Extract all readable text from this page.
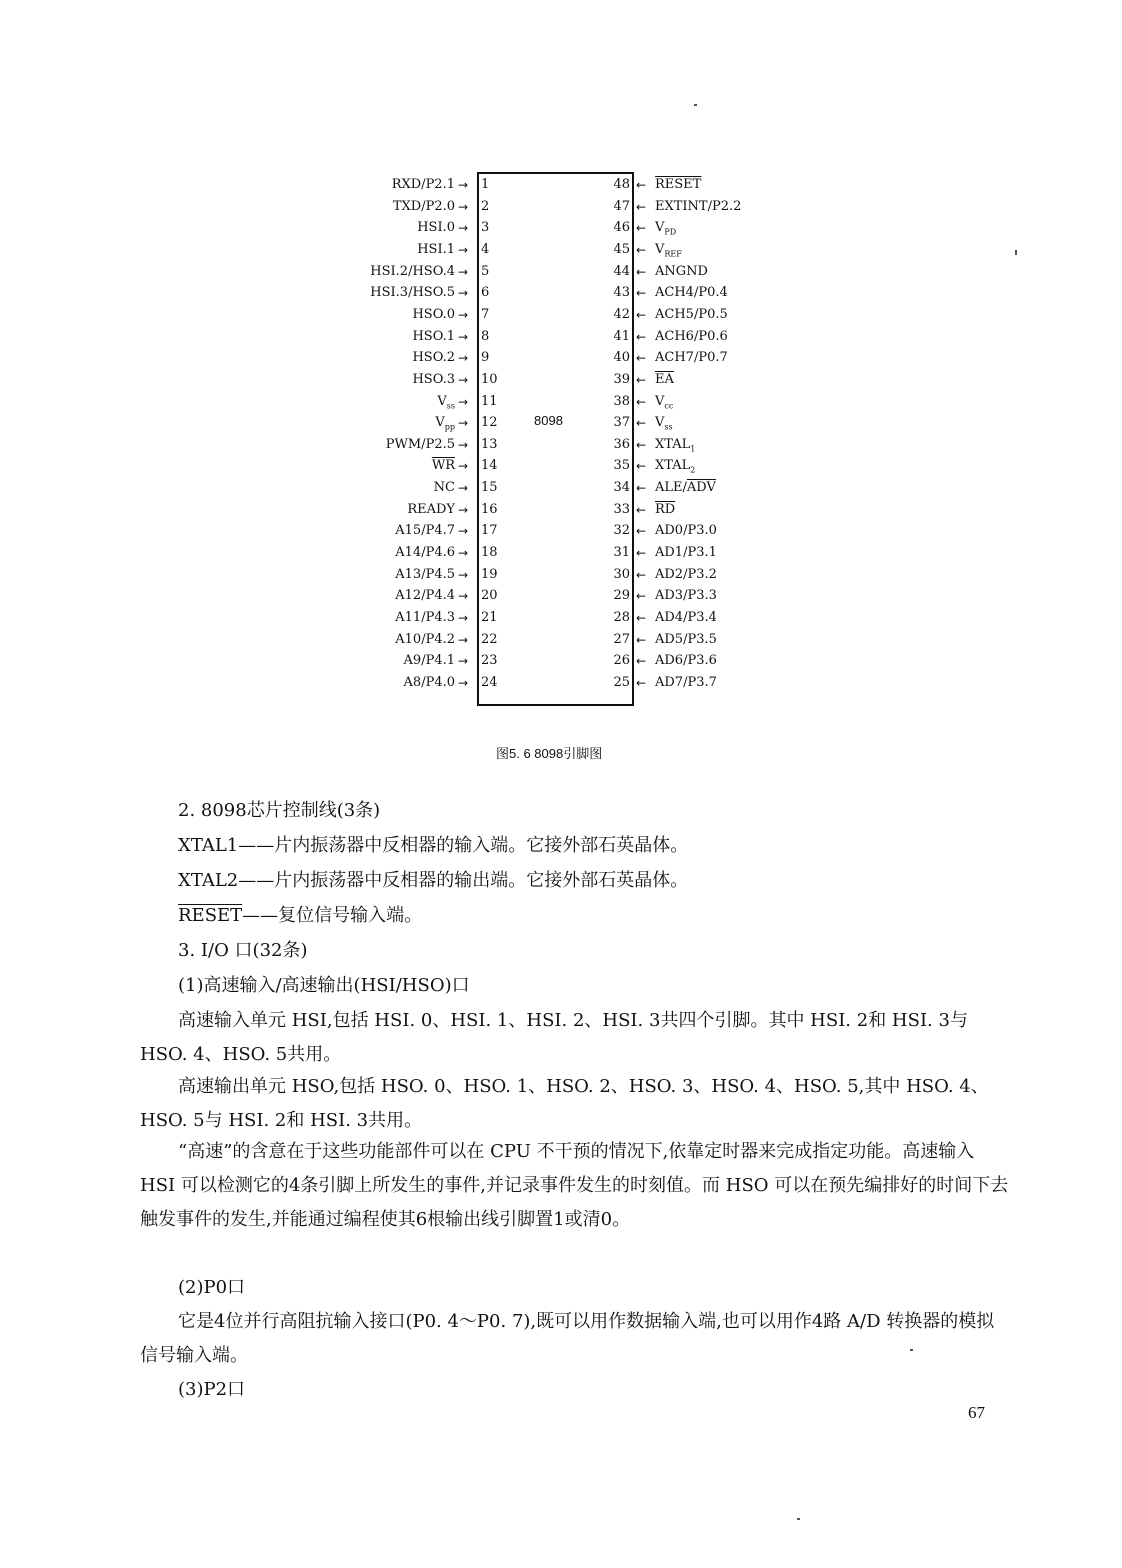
8098
RXD/P2.1 → 1
TXD/P2.0 → 2
HSI.0 → 3
HSI.1 → 4
HSI.2/HSO.4 → 5
HSI.3/HSO.5 → 6
HSO.0 → 7
HSO.1 → 8
HSO.2 → 9
HSO.3 → 10
$V_{ss} \to 11$
$V_{pp} \to 12$
PWM/P2.5 → 13
$\overline{WR} \to 14$
NC → 15
READY → 16
A15/P4.7 → 17
A14/P4.6 → 18
A13/P4.5 → 19
A12/P4.4 → 20
A11/P4.3 → 21
A10/P4.2 → 22
A9/P4.1 → 23
A8/P4.0 → 24
48 ← RESET
47 ← EXTINT/P2.2
46 ← $V_{PD}$
45 ← $V_{REF}$
44 ← ANGND
43 ← ACH4/P0.4
42 ← ACH5/P0.5
41 ← ACH6/P0.6
40 ← ACH7/P0.7
39 ← $\overline{EA}$
38 ← $V_{cc}$
37 ← $V_{ss}$
36 ← $XTAL_1$
35 ← $XTAL_2$
34 ← ALE/$\overline{ADV}$
33 ← $\overline{RD}$
32 ← AD0/P3.0
31 ← AD1/P3.1
30 ← AD2/P3.2
29 ← AD3/P3.3
28 ← AD4/P3.4
27 ← AD5/P3.5
26 ← AD6/P3.6
25 ← AD7/P3.7
图5. 6 8098引脚图
2. 8098芯片控制线(3条)
XTAL1——片内振荡器中反相器的输入端。它接外部石英晶体。
XTAL2——片内振荡器中反相器的输出端。它接外部石英晶体。
RESET——复位信号输入端。
3. I/O 口(32条)
(1)高速输入/高速输出(HSI/HSO)口
高速输入单元 HSI,包括 HSI. 0、HSI. 1、HSI. 2、HSI. 3共四个引脚。其中 HSI. 2和 HSI. 3与 HSO. 4、HSO. 5共用。
高速输出单元 HSO,包括 HSO. 0、HSO. 1、HSO. 2、HSO. 3、HSO. 4、HSO. 5,其中 HSO. 4、HSO. 5与 HSI. 2和 HSI. 3共用。
“高速”的含意在于这些功能部件可以在 CPU 不干预的情况下,依靠定时器来完成指定功能。高速输入 HSI 可以检测它的4条引脚上所发生的事件,并记录事件发生的时刻值。而 HSO 可以在预先编排好的时间下去触发事件的发生,并能通过编程使其6根输出线引脚置1或清0。
(2)P0口
它是4位并行高阻抗输入接口(P0. 4～P0. 7),既可以用作数据输入端,也可以用作4路 A/D 转换器的模拟信号输入端。
(3)P2口
67
